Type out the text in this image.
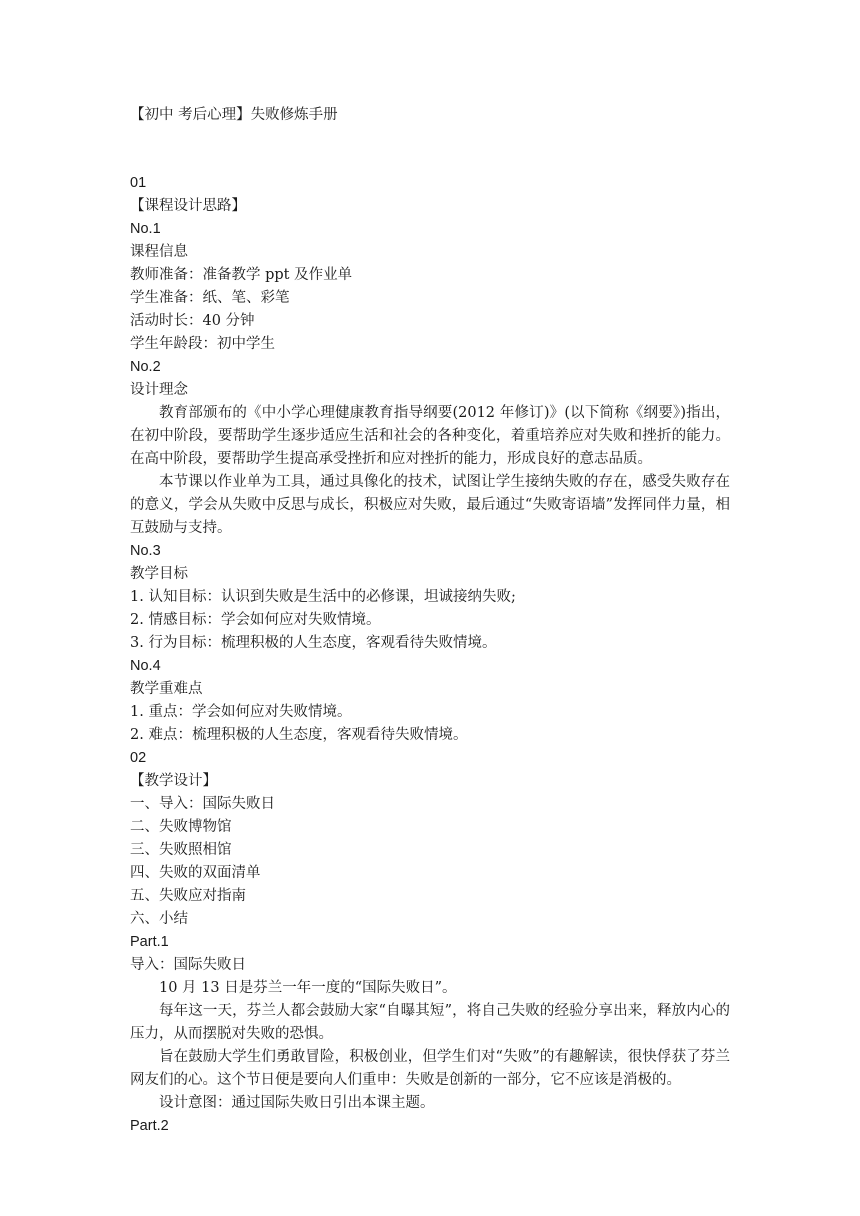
【初中 考后心理】失败修炼手册
01
【课程设计思路】
No.1
课程信息
教师准备：准备教学 ppt 及作业单
学生准备：纸、笔、彩笔
活动时长：40 分钟
学生年龄段：初中学生
No.2
设计理念
教育部颁布的《中小学心理健康教育指导纲要(2012 年修订)》(以下简称《纲要》)指出，在初中阶段，要帮助学生逐步适应生活和社会的各种变化，着重培养应对失败和挫折的能力。在高中阶段，要帮助学生提高承受挫折和应对挫折的能力，形成良好的意志品质。
本节课以作业单为工具，通过具像化的技术，试图让学生接纳失败的存在，感受失败存在的意义，学会从失败中反思与成长，积极应对失败，最后通过“失败寄语墙”发挥同伴力量，相互鼓励与支持。
No.3
教学目标
1. 认知目标：认识到失败是生活中的必修课，坦诚接纳失败;
2. 情感目标：学会如何应对失败情境。
3. 行为目标：梳理积极的人生态度，客观看待失败情境。
No.4
教学重难点
1. 重点：学会如何应对失败情境。
2. 难点：梳理积极的人生态度，客观看待失败情境。
02
【教学设计】
一、导入：国际失败日
二、失败博物馆
三、失败照相馆
四、失败的双面清单
五、失败应对指南
六、小结
Part.1
导入：国际失败日
10 月 13 日是芬兰一年一度的“国际失败日”。
每年这一天，芬兰人都会鼓励大家“自曝其短”，将自己失败的经验分享出来，释放内心的压力，从而摆脱对失败的恐惧。
旨在鼓励大学生们勇敢冒险，积极创业，但学生们对“失败”的有趣解读，很快俘获了芬兰网友们的心。这个节日便是要向人们重申：失败是创新的一部分，它不应该是消极的。
设计意图：通过国际失败日引出本课主题。
Part.2
